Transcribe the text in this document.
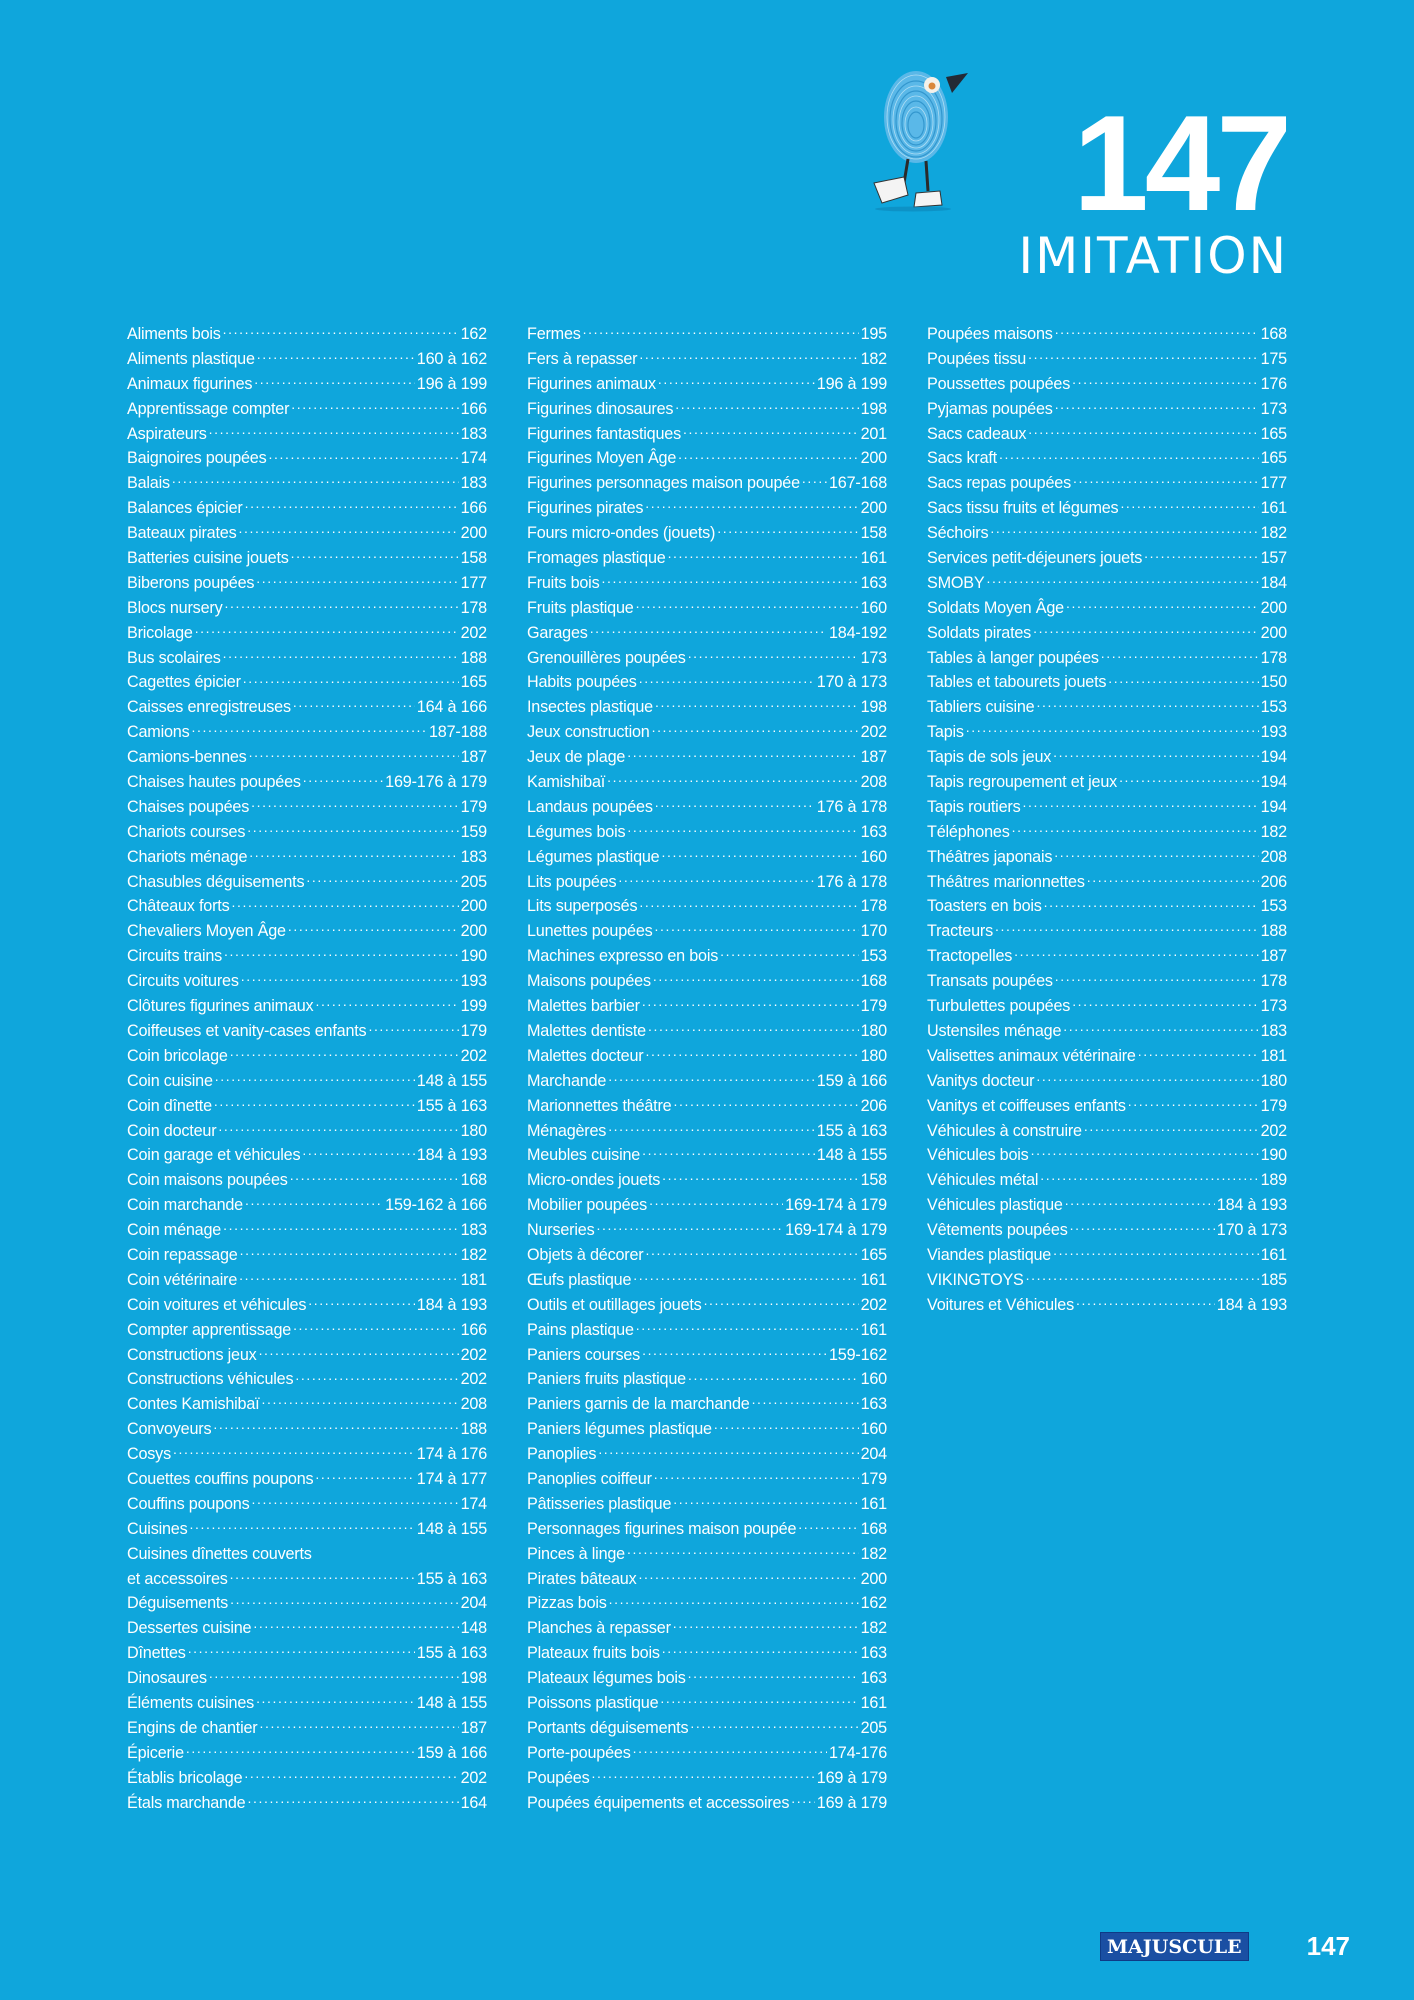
147
IMITATION
Aliments bois .....	162
Aliments plastique .....	160 à 162
Animaux figurines .....	196 à 199
Apprentissage compter .....	166
Aspirateurs .....	183
Baignoires poupées .....	174
Balais .....	183
Balances épicier .....	166
Bateaux pirates .....	200
Batteries cuisine jouets .....	158
Biberons poupées .....	177
Blocs nursery .....	178
Bricolage .....	202
Bus scolaires .....	188
Cagettes épicier .....	165
Caisses enregistreuses .....	164 à 166
Camions .....	187-188
Camions-bennes .....	187
Chaises hautes poupées .....	169-176 à 179
Chaises poupées .....	179
Chariots courses .....	159
Chariots ménage .....	183
Chasubles déguisements .....	205
Châteaux forts .....	200
Chevaliers Moyen Âge .....	200
Circuits trains .....	190
Circuits voitures .....	193
Clôtures figurines animaux .....	199
Coiffeuses et vanity-cases enfants .....	179
Coin bricolage .....	202
Coin cuisine .....	148 à 155
Coin dînette .....	155 à 163
Coin docteur .....	180
Coin garage et véhicules .....	184 à 193
Coin maisons poupées .....	168
Coin marchande .....	159-162 à 166
Coin ménage .....	183
Coin repassage .....	182
Coin vétérinaire .....	181
Coin voitures et véhicules .....	184 à 193
Compter apprentissage .....	166
Constructions jeux .....	202
Constructions véhicules .....	202
Contes Kamishibaï .....	208
Convoyeurs .....	188
Cosys .....	174 à 176
Couettes couffins poupons .....	174 à 177
Couffins poupons .....	174
Cuisines .....	148 à 155
Cuisines dînettes couverts
et accessoires .....	155 à 163
Déguisements .....	204
Dessertes cuisine .....	148
Dînettes .....	155 à 163
Dinosaures .....	198
Éléments cuisines .....	148 à 155
Engins de chantier .....	187
Épicerie .....	159 à 166
Établis bricolage .....	202
Étals marchande .....	164
Fermes .....	195
Fers à repasser .....	182
Figurines animaux .....	196 à 199
Figurines dinosaures .....	198
Figurines fantastiques .....	201
Figurines Moyen Âge .....	200
Figurines personnages maison poupée ..... 167-168
Figurines pirates .....	200
Fours micro-ondes (jouets) .....	158
Fromages plastique .....	161
Fruits bois .....	163
Fruits plastique .....	160
Garages .....	184-192
Grenouillères poupées .....	173
Habits poupées .....	170 à 173
Insectes plastique .....	198
Jeux construction .....	202
Jeux de plage .....	187
Kamishibaï .....	208
Landaus poupées .....	176 à 178
Légumes bois .....	163
Légumes plastique .....	160
Lits poupées .....	176 à 178
Lits superposés .....	178
Lunettes poupées .....	170
Machines expresso en bois .....	153
Maisons poupées .....	168
Malettes barbier .....	179
Malettes dentiste .....	180
Malettes docteur .....	180
Marchande .....	159 à 166
Marionnettes théâtre .....	206
Ménagères .....	155 à 163
Meubles cuisine .....	148 à 155
Micro-ondes jouets .....	158
Mobilier poupées .....	169-174 à 179
Nurseries .....	169-174 à 179
Objets à décorer .....	165
Œufs plastique .....	161
Outils et outillages jouets .....	202
Pains plastique .....	161
Paniers courses .....	159-162
Paniers fruits plastique .....	160
Paniers garnis de la marchande .....	163
Paniers légumes plastique .....	160
Panoplies .....	204
Panoplies coiffeur .....	179
Pâtisseries plastique .....	161
Personnages figurines maison poupée .....	168
Pinces à linge .....	182
Pirates bâteaux .....	200
Pizzas bois .....	162
Planches à repasser .....	182
Plateaux fruits bois .....	163
Plateaux légumes bois .....	163
Poissons plastique .....	161
Portants déguisements .....	205
Porte-poupées .....	174-176
Poupées .....	169 à 179
Poupées équipements et accessoires ..... 169 à 179
Poupées maisons .....	168
Poupées tissu .....	175
Poussettes poupées .....	176
Pyjamas poupées .....	173
Sacs cadeaux .....	165
Sacs kraft .....	165
Sacs repas poupées .....	177
Sacs tissu fruits et légumes .....	161
Séchoirs .....	182
Services petit-déjeuners jouets .....	157
SMOBY .....	184
Soldats Moyen Âge .....	200
Soldats pirates .....	200
Tables à langer poupées .....	178
Tables et tabourets jouets .....	150
Tabliers cuisine .....	153
Tapis .....	193
Tapis de sols jeux .....	194
Tapis regroupement et jeux .....	194
Tapis routiers .....	194
Téléphones .....	182
Théâtres japonais .....	208
Théâtres marionnettes .....	206
Toasters en bois .....	153
Tracteurs .....	188
Tractopelles .....	187
Transats poupées .....	178
Turbulettes poupées .....	173
Ustensiles ménage .....	183
Valisettes animaux vétérinaire .....	181
Vanitys docteur .....	180
Vanitys et coiffeuses enfants .....	179
Véhicules à construire .....	202
Véhicules bois .....	190
Véhicules métal .....	189
Véhicules plastique .....	184 à 193
Vêtements poupées .....	170 à 173
Viandes plastique .....	161
VIKINGTOYS .....	185
Voitures et Véhicules .....	184 à 193
MAJUSCULE	147
